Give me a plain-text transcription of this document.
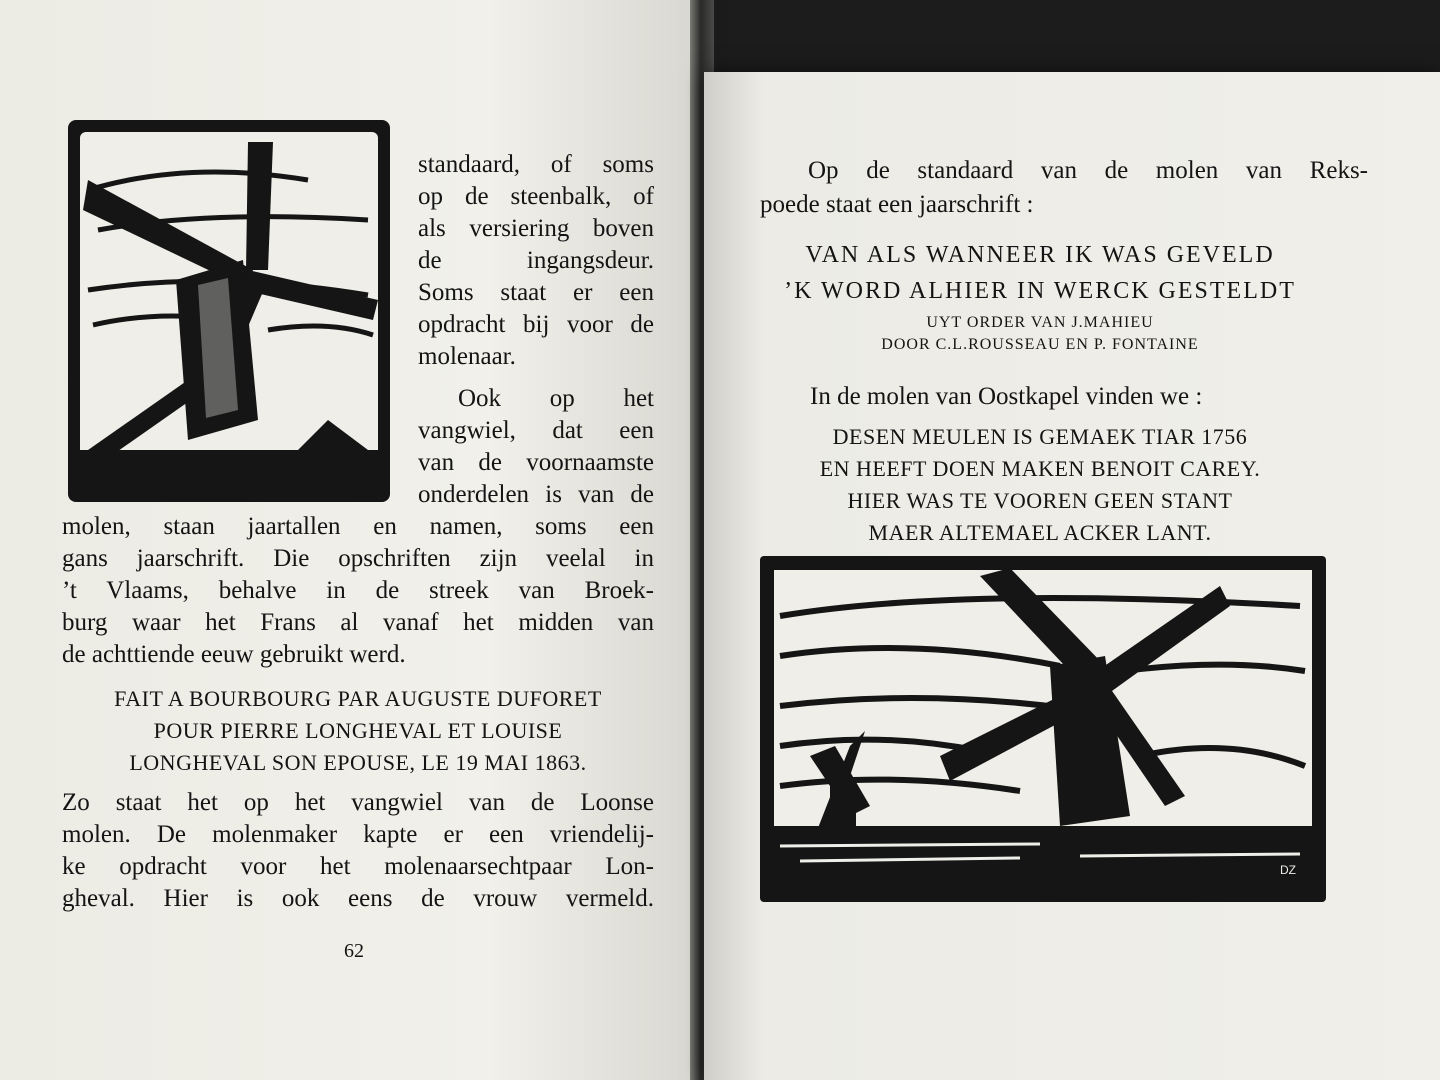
standaard, of soms
op de steenbalk, of
als versiering boven
de ingangsdeur.
Soms staat er een
opdracht bij voor de
molenaar.
Ook op het
vangwiel, dat een
van de voornaamste
onderdelen is van de
molen, staan jaartallen en namen, soms een
gans jaarschrift. Die opschriften zijn veelal in
’t Vlaams, behalve in de streek van Broek-
burg waar het Frans al vanaf het midden van
de achttiende eeuw gebruikt werd.
FAIT A BOURBOURG PAR AUGUSTE DUFORET
POUR PIERRE LONGHEVAL ET LOUISE
LONGHEVAL SON EPOUSE, LE 19 MAI 1863.
Zo staat het op het vangwiel van de Loonse
molen. De molenmaker kapte er een vriendelij-
ke opdracht voor het molenaarsechtpaar Lon-
gheval. Hier is ook eens de vrouw vermeld.
62
Op de standaard van de molen van Reks-
poede staat een jaarschrift :
VAN ALS WANNEER IK WAS GEVELD
’K WORD ALHIER IN WERCK GESTELDT
UYT ORDER VAN J.MAHIEU
DOOR C.L.ROUSSEAU EN P. FONTAINE
In de molen van Oostkapel vinden we :
DESEN MEULEN IS GEMAEK TIAR 1756
EN HEEFT DOEN MAKEN BENOIT CAREY.
HIER WAS TE VOOREN GEEN STANT
MAER ALTEMAEL ACKER LANT.
DZ
